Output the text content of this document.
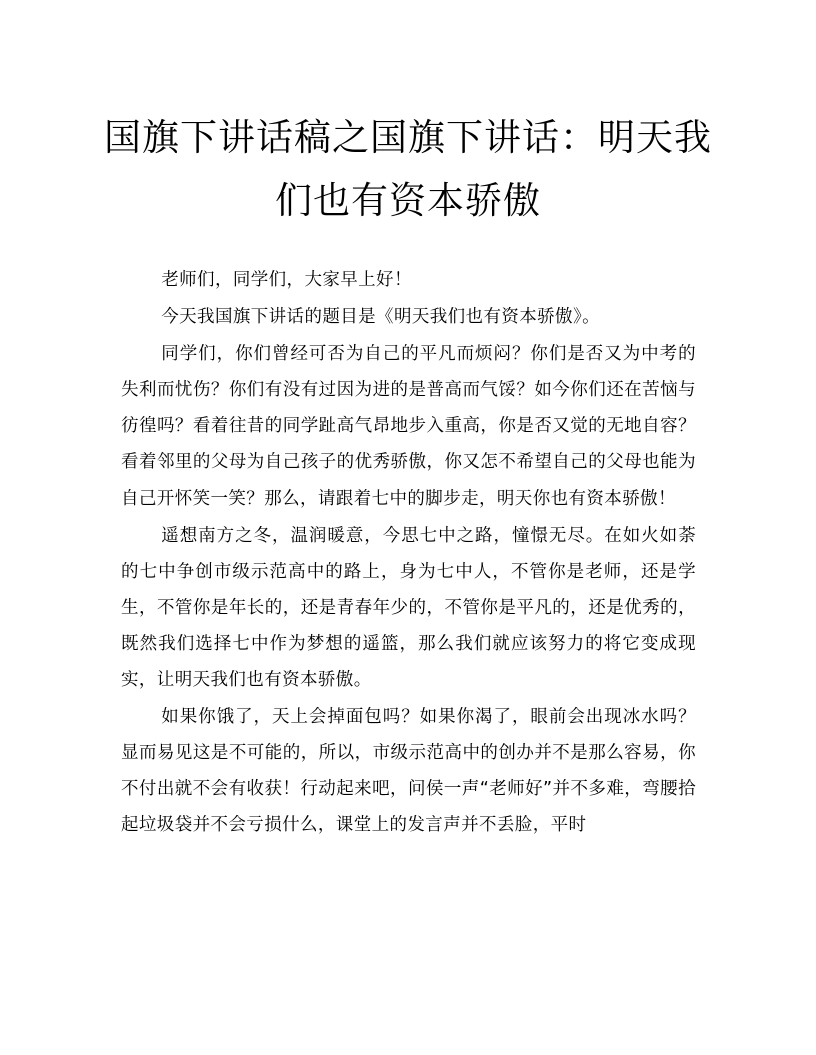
国旗下讲话稿之国旗下讲话：明天我们也有资本骄傲

老师们，同学们，大家早上好！

今天我国旗下讲话的题目是《明天我们也有资本骄傲》。

同学们，你们曾经可否为自己的平凡而烦闷？你们是否又为中考的失利而忧伤？你们有没有过因为进的是普高而气馁？如今你们还在苦恼与彷徨吗？看着往昔的同学趾高气昂地步入重高，你是否又觉的无地自容？看着邻里的父母为自己孩子的优秀骄傲，你又怎不希望自己的父母也能为自己开怀笑一笑？那么，请跟着七中的脚步走，明天你也有资本骄傲！

遥想南方之冬，温润暖意，今思七中之路，憧憬无尽。在如火如荼的七中争创市级示范高中的路上，身为七中人，不管你是老师，还是学生，不管你是年长的，还是青春年少的，不管你是平凡的，还是优秀的，既然我们选择七中作为梦想的遥篮，那么我们就应该努力的将它变成现实，让明天我们也有资本骄傲。

如果你饿了，天上会掉面包吗？如果你渴了，眼前会出现冰水吗？显而易见这是不可能的，所以，市级示范高中的创办并不是那么容易，你不付出就不会有收获！行动起来吧，问侯一声“老师好”并不多难，弯腰拾起垃圾袋并不会亏损什么，课堂上的发言声并不丢脸，平时
